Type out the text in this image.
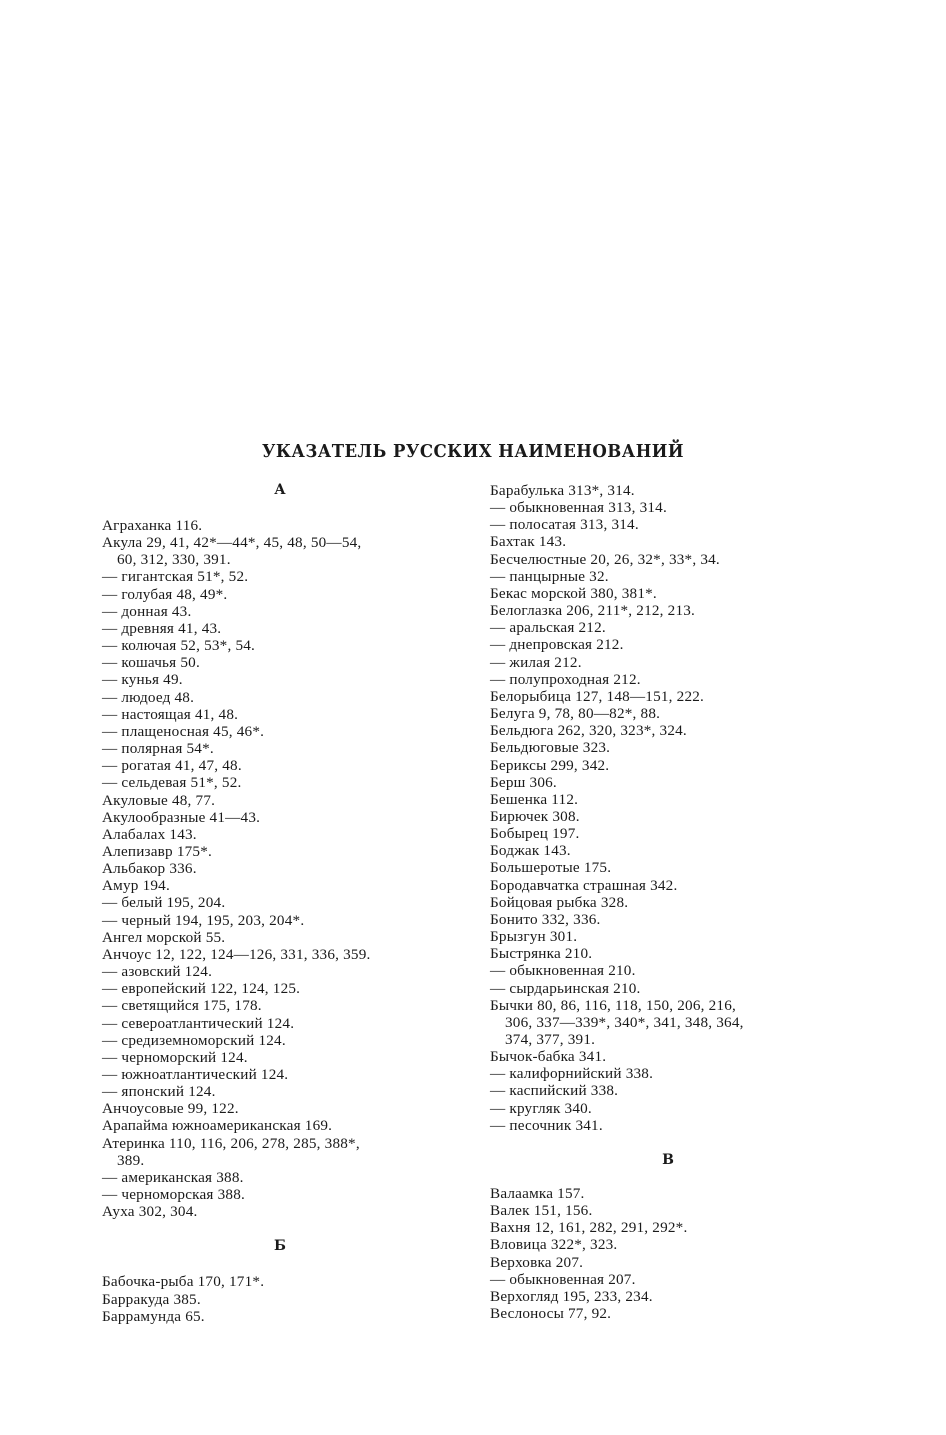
УКАЗАТЕЛЬ РУССКИХ НАИМЕНОВАНИЙ
А
Аграханка 116.
Акула 29, 41, 42*—44*, 45, 48, 50—54,
60, 312, 330, 391.
— гигантская 51*, 52.
— голубая 48, 49*.
— донная 43.
— древняя 41, 43.
— колючая 52, 53*, 54.
— кошачья 50.
— кунья 49.
— людоед 48.
— настоящая 41, 48.
— плащеносная 45, 46*.
— полярная 54*.
— рогатая 41, 47, 48.
— сельдевая 51*, 52.
Акуловые 48, 77.
Акулообразные 41—43.
Алабалах 143.
Алепизавр 175*.
Альбакор 336.
Амур 194.
— белый 195, 204.
— черный 194, 195, 203, 204*.
Ангел морской 55.
Анчоус 12, 122, 124—126, 331, 336, 359.
— азовский 124.
— европейский 122, 124, 125.
— светящийся 175, 178.
— североатлантический 124.
— средиземноморский 124.
— черноморский 124.
— южноатлантический 124.
— японский 124.
Анчоусовые 99, 122.
Арапайма южноамериканская 169.
Атеринка 110, 116, 206, 278, 285, 388*,
389.
— американская 388.
— черноморская 388.
Ауха 302, 304.
Б
Бабочка-рыба 170, 171*.
Барракуда 385.
Баррамунда 65.
Барабулька 313*, 314.
— обыкновенная 313, 314.
— полосатая 313, 314.
Бахтак 143.
Бесчелюстные 20, 26, 32*, 33*, 34.
— панцырные 32.
Бекас морской 380, 381*.
Белоглазка 206, 211*, 212, 213.
— аральская 212.
— днепровская 212.
— жилая 212.
— полупроходная 212.
Белорыбица 127, 148—151, 222.
Белуга 9, 78, 80—82*, 88.
Бельдюга 262, 320, 323*, 324.
Бельдюговые 323.
Бериксы 299, 342.
Берш 306.
Бешенка 112.
Бирючек 308.
Бобырец 197.
Боджак 143.
Большеротые 175.
Бородавчатка страшная 342.
Бойцовая рыбка 328.
Бонито 332, 336.
Брызгун 301.
Быстрянка 210.
— обыкновенная 210.
— сырдарьинская 210.
Бычки 80, 86, 116, 118, 150, 206, 216,
306, 337—339*, 340*, 341, 348, 364,
374, 377, 391.
Бычок-бабка 341.
— калифорнийский 338.
— каспийский 338.
— кругляк 340.
— песочник 341.
В
Валаамка 157.
Валек 151, 156.
Вахня 12, 161, 282, 291, 292*.
Вловица 322*, 323.
Верховка 207.
— обыкновенная 207.
Верхогляд 195, 233, 234.
Веслоносы 77, 92.
